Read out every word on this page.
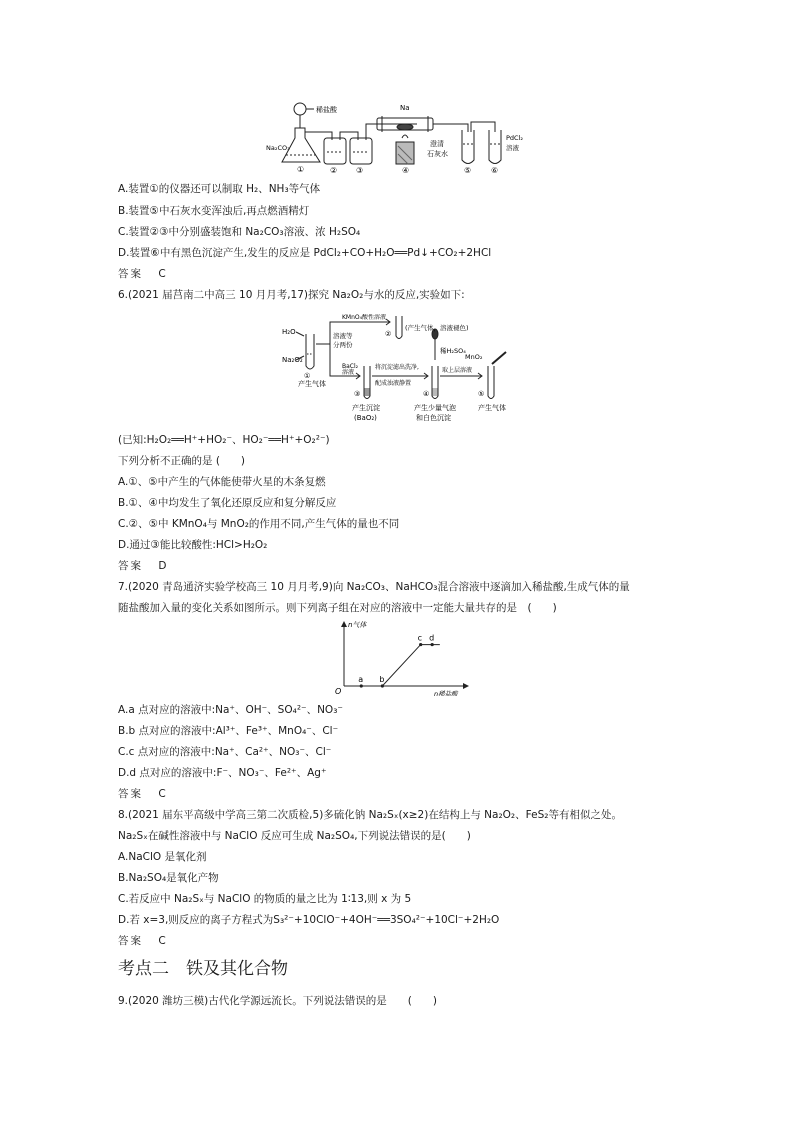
稀盐酸	Na
Na₂CO₃	澄清
石灰水
PdCl₂
溶液
①	② ③	④	⑤ ⑥
A.装置①的仪器还可以制取 H₂、NH₃等气体
B.装置⑤中石灰水变浑浊后,再点燃酒精灯
C.装置②③中分别盛装饱和 Na₂CO₃溶液、浓 H₂SO₄
D.装置⑥中有黑色沉淀产生,发生的反应是 PdCl₂+CO+H₂O══Pd↓+CO₂+2HCl
答案 C
6.(2021 届莒南二中高三 10 月月考,17)探究 Na₂O₂与水的反应,实验如下:
H₂O
Na₂O₂
产生气体
①
溶液等
分两份
KMnO₄酸性溶液
②
(产生气体，溶液褪色)
BaCl₂
溶液
③
将沉淀滤出洗净,
配成浊液静置
稀H₂SO₄
④
MnO₂
取上层溶液
⑤
产生沉淀
(BaO₂)
产生少量气泡
和白色沉淀
产生气体
(已知:H₂O₂══H⁺+HO₂⁻、HO₂⁻══H⁺+O₂²⁻)
下列分析不正确的是 (　　)
A.①、⑤中产生的气体能使带火星的木条复燃
B.①、④中均发生了氧化还原反应和复分解反应
C.②、⑤中 KMnO₄与 MnO₂的作用不同,产生气体的量也不同
D.通过③能比较酸性:HCl>H₂O₂
答案 D
7.(2020 青岛通济实验学校高三 10 月月考,9)向 Na₂CO₃、NaHCO₃混合溶液中逐滴加入稀盐酸,生成气体的量
随盐酸加入量的变化关系如图所示。则下列离子组在对应的溶液中一定能大量共存的是　(　　)
n气体
n稀盐酸
O
a b
c d
A.a 点对应的溶液中:Na⁺、OH⁻、SO₄²⁻、NO₃⁻
B.b 点对应的溶液中:Al³⁺、Fe³⁺、MnO₄⁻、Cl⁻
C.c 点对应的溶液中:Na⁺、Ca²⁺、NO₃⁻、Cl⁻
D.d 点对应的溶液中:F⁻、NO₃⁻、Fe²⁺、Ag⁺
答案 C
8.(2021 届东平高级中学高三第二次质检,5)多硫化钠 Na₂Sₓ(x≥2)在结构上与 Na₂O₂、FeS₂等有相似之处。
Na₂Sₓ在碱性溶液中与 NaClO 反应可生成 Na₂SO₄,下列说法错误的是(　　)
A.NaClO 是氧化剂
B.Na₂SO₄是氧化产物
C.若反应中 Na₂Sₓ与 NaClO 的物质的量之比为 1∶13,则 x 为 5
D.若 x=3,则反应的离子方程式为S₃²⁻+10ClO⁻+4OH⁻══3SO₄²⁻+10Cl⁻+2H₂O
答案 C
考点二　铁及其化合物
9.(2020 潍坊三模)古代化学源远流长。下列说法错误的是　　(　　)
